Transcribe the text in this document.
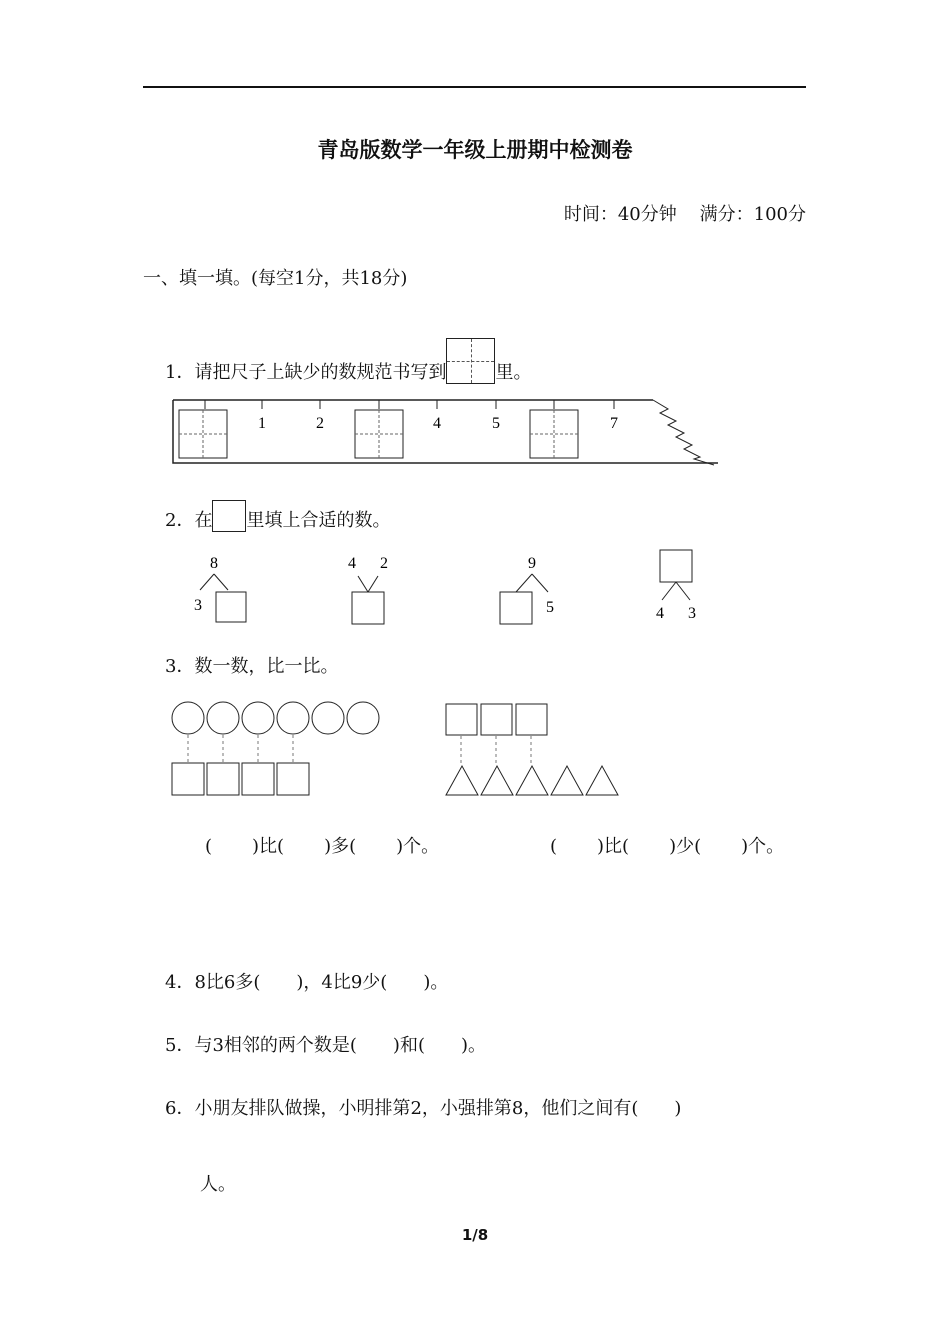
青岛版数学一年级上册期中检测卷
时间：40分钟 满分：100分
一、填一填。(每空1分，共18分)
1．请把尺子上缺少的数规范书写到	里。
1	2	4	5	7
2．在 里填上合适的数。
8
3
4 2	9
5	4 3
3．数一数，比一比。
( )比( )多( )个。	( )比( )少( )个。
4．8比6多(　　)，4比9少(　　)。
5．与3相邻的两个数是(　　)和(　　)。
6．小朋友排队做操，小明排第2，小强排第8，他们之间有(　　)
人。
1/8
